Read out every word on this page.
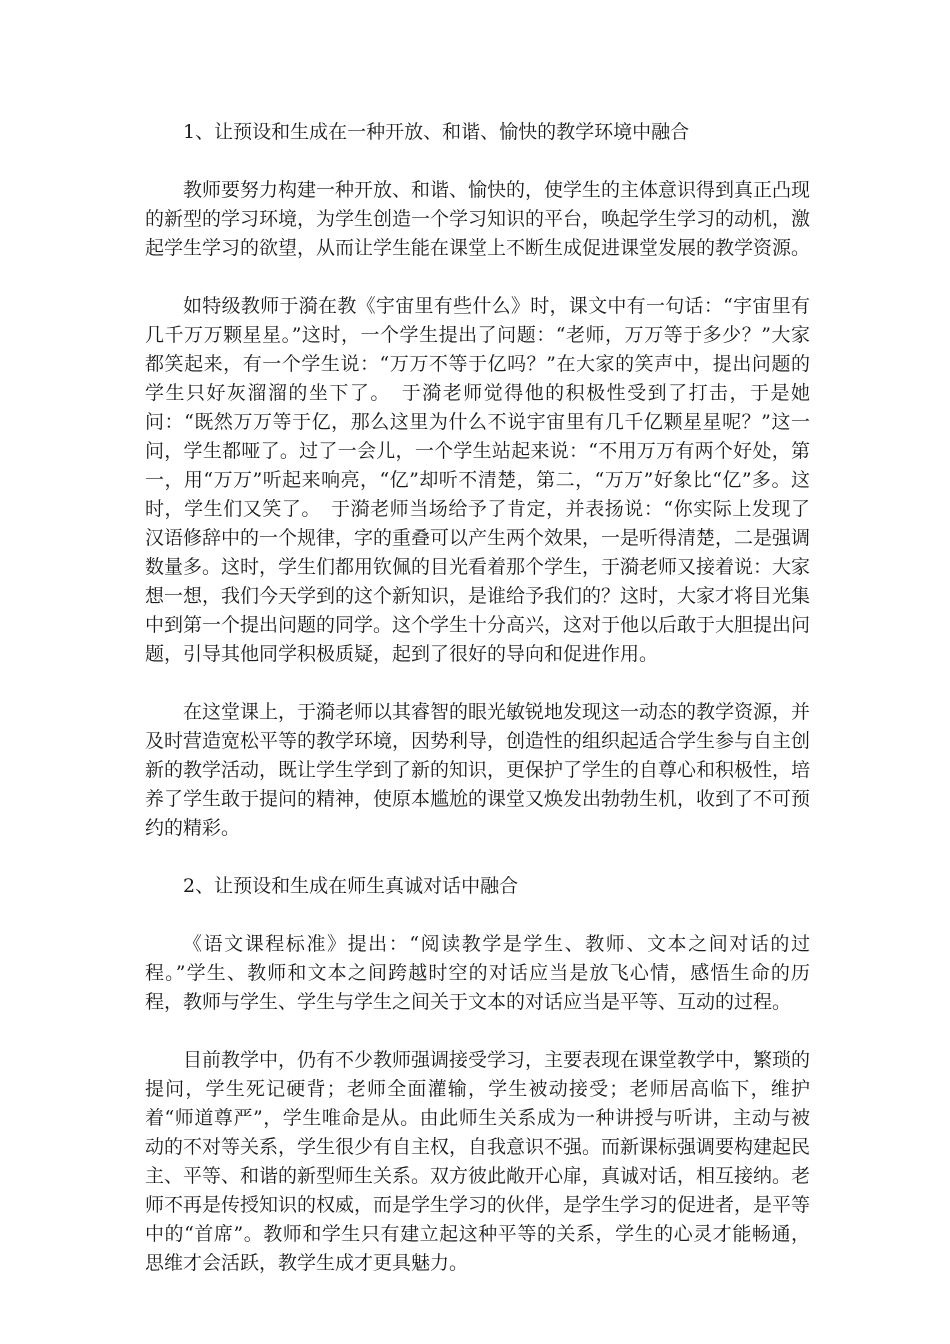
1、让预设和生成在一种开放、和谐、愉快的教学环境中融合

教师要努力构建一种开放、和谐、愉快的，使学生的主体意识得到真正凸现的新型的学习环境，为学生创造一个学习知识的平台，唤起学生学习的动机，激起学生学习的欲望，从而让学生能在课堂上不断生成促进课堂发展的教学资源。

如特级教师于漪在教《宇宙里有些什么》时，课文中有一句话：“宇宙里有几千万万颗星星。”这时，一个学生提出了问题：“老师，万万等于多少？”大家都笑起来，有一个学生说：“万万不等于亿吗？”在大家的笑声中，提出问题的学生只好灰溜溜的坐下了。　于漪老师觉得他的积极性受到了打击，于是她问：“既然万万等于亿，那么这里为什么不说宇宙里有几千亿颗星星呢？”这一问，学生都哑了。过了一会儿，一个学生站起来说：“不用万万有两个好处，第一，用“万万”听起来响亮，“亿”却听不清楚，第二，“万万”好象比“亿”多。这时，学生们又笑了。　于漪老师当场给予了肯定，并表扬说：“你实际上发现了汉语修辞中的一个规律，字的重叠可以产生两个效果，一是听得清楚，二是强调数量多。这时，学生们都用钦佩的目光看着那个学生，于漪老师又接着说：大家想一想，我们今天学到的这个新知识，是谁给予我们的？这时，大家才将目光集中到第一个提出问题的同学。这个学生十分高兴，这对于他以后敢于大胆提出问题，引导其他同学积极质疑，起到了很好的导向和促进作用。

在这堂课上，于漪老师以其睿智的眼光敏锐地发现这一动态的教学资源，并及时营造宽松平等的教学环境，因势利导，创造性的组织起适合学生参与自主创新的教学活动，既让学生学到了新的知识，更保护了学生的自尊心和积极性，培养了学生敢于提问的精神，使原本尴尬的课堂又焕发出勃勃生机，收到了不可预约的精彩。

2、让预设和生成在师生真诚对话中融合

《语文课程标准》提出：“阅读教学是学生、教师、文本之间对话的过程。”学生、教师和文本之间跨越时空的对话应当是放飞心情，感悟生命的历程，教师与学生、学生与学生之间关于文本的对话应当是平等、互动的过程。

目前教学中，仍有不少教师强调接受学习，主要表现在课堂教学中，繁琐的提问，学生死记硬背；老师全面灌输，学生被动接受；老师居高临下，维护着“师道尊严”，学生唯命是从。由此师生关系成为一种讲授与听讲，主动与被动的不对等关系，学生很少有自主权，自我意识不强。而新课标强调要构建起民主、平等、和谐的新型师生关系。双方彼此敞开心扉，真诚对话，相互接纳。老师不再是传授知识的权威，而是学生学习的伙伴，是学生学习的促进者，是平等中的“首席”。教师和学生只有建立起这种平等的关系，学生的心灵才能畅通，思维才会活跃，教学生成才更具魅力。
